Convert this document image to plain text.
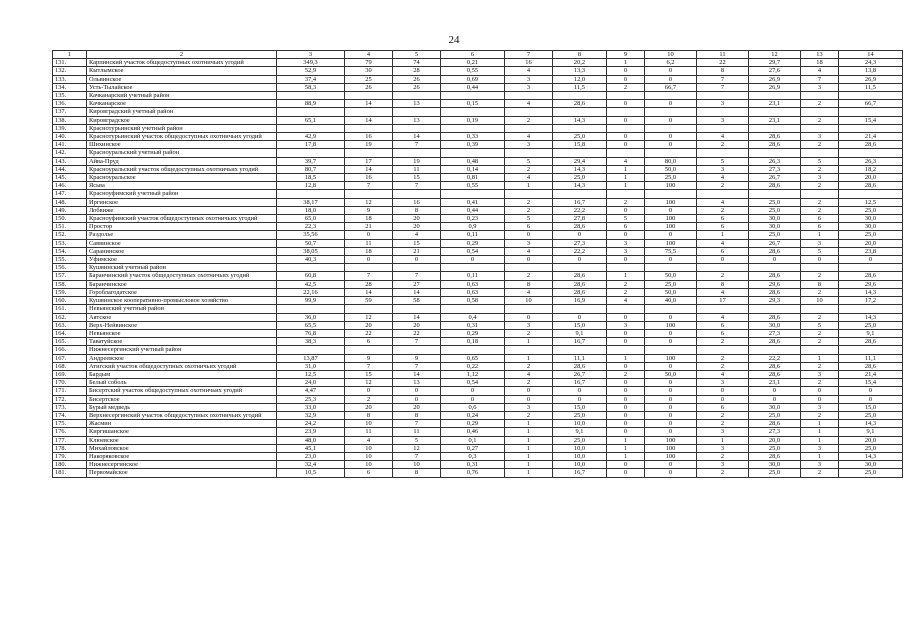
24
1	2	3	4	5	6	7	8	9	10	11	12	13	14
131.	Карпинский участок общедоступных охотничьих угодий	349,3	79	74	0,21	16	20,2	1	6,2	22	29,7	18	24,3
132.	Кытлымское	52,9	30	28	0,55	4	13,3	0	0	8	27,6	4	13,8
133.	Ольвинское	37,4	25	26	0,69	3	12,0	0	0	7	26,9	7	26,9
134.	Усть-Тылайское	58,3	26	26	0,44	3	11,5	2	66,7	7	26,9	3	11,5
135.	Качканарский учетный район												
136.	Качканарское	88,9	14	13	0,15	4	28,6	0	0	3	23,1	2	66,7
137.	Кировградский учетный район												
138.	Кировградское	65,1	14	13	0,19	2	14,3	0	0	3	23,1	2	15,4
139.	Краснотурьинский учетный район												
140.	Краснотурьинский участок общедоступных охотничьих угодий	42,9	16	14	0,33	4	25,0	0	0	4	28,6	3	21,4
141.	Шихинское	17,8	19	7	0,39	3	15,8	0	0	2	28,6	2	28,6
142.	Красноуральский учетный район												
143.	Айва-Пруд	39,7	17	19	0,48	5	29,4	4	80,0	5	26,3	5	26,3
144.	Красноуральский участок общедоступных охотничьих угодий	80,7	14	11	0,14	2	14,3	1	50,0	3	27,3	2	18,2
145.	Красноуральское	18,5	16	15	0,81	4	25,0	1	25,0	4	26,7	3	20,0
146.	Ясьва	12,8	7	7	0,55	1	14,3	1	100	2	28,6	2	28,6
147.	Красноуфимский учетный район												
148.	Иргинское	38,17	12	16	0,41	2	16,7	2	100	4	25,0	2	12,5
149.	Лобвиже	18,0	9	8	0,44	2	22,2	0	0	2	25,0	2	25,0
150.	Красноуфимский участок общедоступных охотничьих угодий	65,0	18	20	0,23	5	27,8	5	100	6	30,0	6	30,0
151.	Простор	22,3	21	20	0,9	6	28,6	6	100	6	30,0	6	30,0
152.	Раздолье	35,56	0	4	0,11	0	0	0	0	1	25,0	1	25,0
153.	Саввинское	50,7	11	15	0,29	3	27,3	3	100	4	26,7	3	20,0
154.	Саранинское	38,05	18	21	0,54	4	22,2	3	75,5	6	28,6	5	23,8
155.	Уфимское	40,3	0	0	0	0	0	0	0	0	0	0	0
156.	Кушвинский учетный район												
157.	Баранчинский участок общедоступных охотничьих угодий	60,8	7	7	0,11	2	28,6	1	50,0	2	28,6	2	28,6
158.	Баранчинское	42,5	28	27	0,63	8	28,6	2	25,0	8	29,6	8	29,6
159.	Гороблагодатское	22,16	14	14	0,63	4	28,6	2	50,0	4	28,6	2	14,3
160.	Кушвинское кооперативно-промысловое хозяйство	99,9	59	58	0,58	10	16,9	4	40,0	17	29,3	10	17,2
161.	Невьянский учетный район												
162.	Аятское	36,0	12	14	0,4	0	0	0	0	4	28,6	2	14,3
163.	Верх-Нейвинское	65,5	20	20	0,31	3	15,0	3	100	6	30,0	5	25,0
164.	Невьянское	76,8	22	22	0,29	2	9,1	0	0	6	27,3	2	9,1
165.	Таватуйское	38,3	6	7	0,18	1	16,7	0	0	2	28,6	2	28,6
166.	Нижнесергинский учетный район												
167.	Андреевское	13,87	9	9	0,65	1	11,1	1	100	2	22,2	1	11,1
168.	Атигский участок общедоступных охотничьих угодий	31,0	7	7	0,22	2	28,6	0	0	2	28,6	2	28,6
169.	Бардым	12,5	15	14	1,12	4	26,7	2	50,0	4	28,6	3	21,4
170.	Белый соболь	24,0	12	13	0,54	2	16,7	0	0	3	23,1	2	15,4
171.	Бисертский участок общедоступных охотничьих угодий	4,47	0	0	0	0	0	0	0	0	0	0	0
172.	Бисертское	25,3	2	0	0	0	0	0	0	0	0	0	0
173.	Бурый медведь	33,0	20	20	0,6	3	15,0	0	0	6	30,0	3	15,0
174.	Верхнесергинский участок общедоступных охотничьих угодий	32,9	8	8	0,24	2	25,0	0	0	2	25,0	2	25,0
175.	Жасмин	24,2	10	7	0,29	1	10,0	0	0	2	28,6	1	14,3
176.	Киргишанское	23,9	11	11	0,46	1	9,1	0	0	3	27,3	1	9,1
177.	Клюевское	48,0	4	5	0,1	1	25,0	1	100	1	20,0	1	20,0
178.	Михайловское	45,1	10	12	0,27	1	10,0	1	100	3	25,0	3	25,0
179.	Накоряковское	23,0	10	7	0,3	1	10,0	1	100	2	28,6	1	14,3
180.	Нижнесергинское	32,4	10	10	0,31	1	10,0	0	0	3	30,0	3	30,0
181.	Первомайское	10,5	6	8	0,76	1	16,7	0	0	2	25,0	2	25,0
